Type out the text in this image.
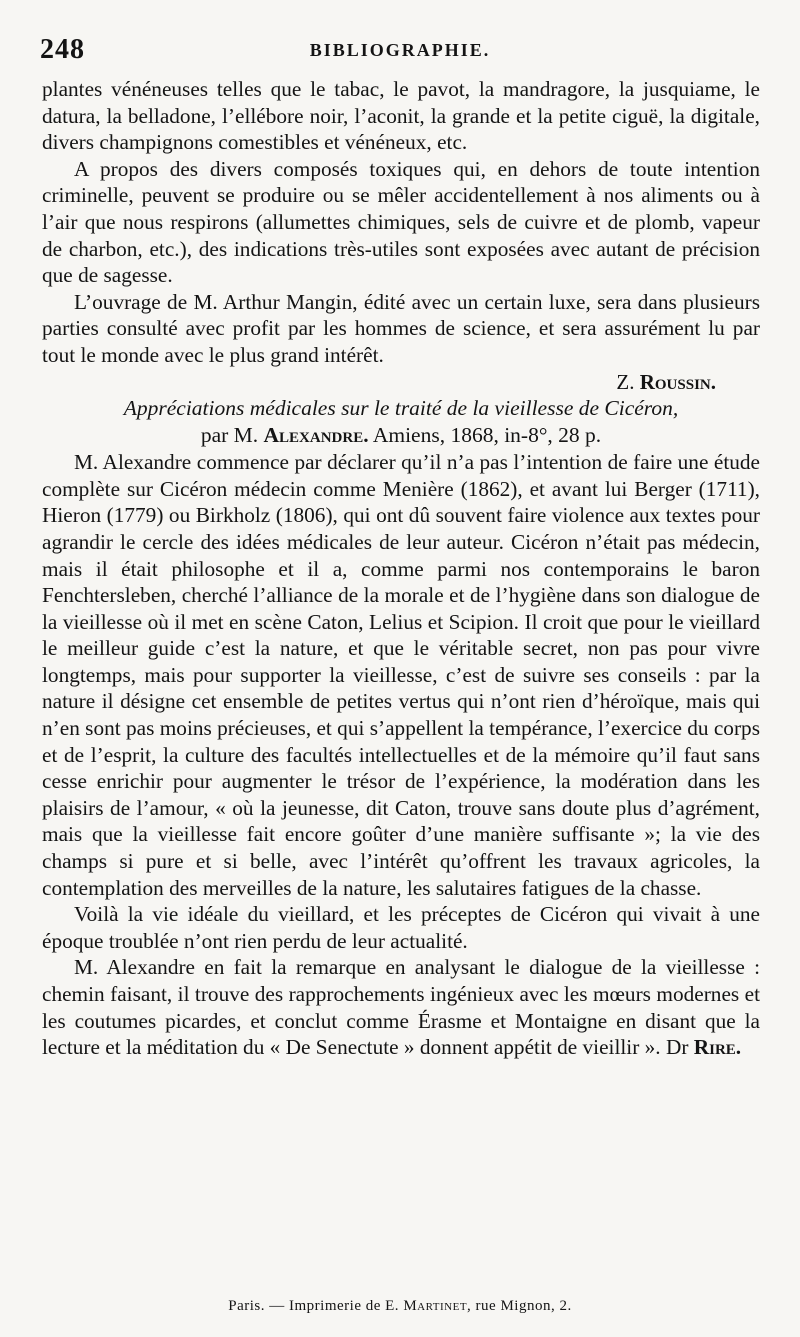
248	BIBLIOGRAPHIE.

plantes vénéneuses telles que le tabac, le pavot, la mandragore, la jusquiame, le datura, la belladone, l’ellébore noir, l’aconit, la grande et la petite ciguë, la digitale, divers champignons comestibles et vénéneux, etc.

A propos des divers composés toxiques qui, en dehors de toute intention criminelle, peuvent se produire ou se mêler accidentellement à nos aliments ou à l’air que nous respirons (allumettes chimiques, sels de cuivre et de plomb, vapeur de charbon, etc.), des indications très-utiles sont exposées avec autant de précision que de sagesse.

L’ouvrage de M. Arthur Mangin, édité avec un certain luxe, sera dans plusieurs parties consulté avec profit par les hommes de science, et sera assurément lu par tout le monde avec le plus grand intérêt.

Z. Roussin.

Appréciations médicales sur le traité de la vieillesse de Cicéron,

par M. Alexandre. Amiens, 1868, in-8°, 28 p.

M. Alexandre commence par déclarer qu’il n’a pas l’intention de faire une étude complète sur Cicéron médecin comme Menière (1862), et avant lui Berger (1711), Hieron (1779) ou Birkholz (1806), qui ont dû souvent faire violence aux textes pour agrandir le cercle des idées médicales de leur auteur. Cicéron n’était pas médecin, mais il était philosophe et il a, comme parmi nos contemporains le baron Fenchtersleben, cherché l’alliance de la morale et de l’hygiène dans son dialogue de la vieillesse où il met en scène Caton, Lelius et Scipion. Il croit que pour le vieillard le meilleur guide c’est la nature, et que le véritable secret, non pas pour vivre longtemps, mais pour supporter la vieillesse, c’est de suivre ses conseils : par la nature il désigne cet ensemble de petites vertus qui n’ont rien d’héroïque, mais qui n’en sont pas moins précieuses, et qui s’appellent la tempérance, l’exercice du corps et de l’esprit, la culture des facultés intellectuelles et de la mémoire qu’il faut sans cesse enrichir pour augmenter le trésor de l’expérience, la modération dans les plaisirs de l’amour, « où la jeunesse, dit Caton, trouve sans doute plus d’agrément, mais que la vieillesse fait encore goûter d’une manière suffisante »; la vie des champs si pure et si belle, avec l’intérêt qu’offrent les travaux agricoles, la contemplation des merveilles de la nature, les salutaires fatigues de la chasse.

Voilà la vie idéale du vieillard, et les préceptes de Cicéron qui vivait à une époque troublée n’ont rien perdu de leur actualité.

M. Alexandre en fait la remarque en analysant le dialogue de la vieillesse : chemin faisant, il trouve des rapprochements ingénieux avec les mœurs modernes et les coutumes picardes, et conclut comme Érasme et Montaigne en disant que la lecture et la méditation du « De Senectute » donnent appétit de vieillir ». Dr Rire.

Paris. — Imprimerie de E. Martinet, rue Mignon, 2.
